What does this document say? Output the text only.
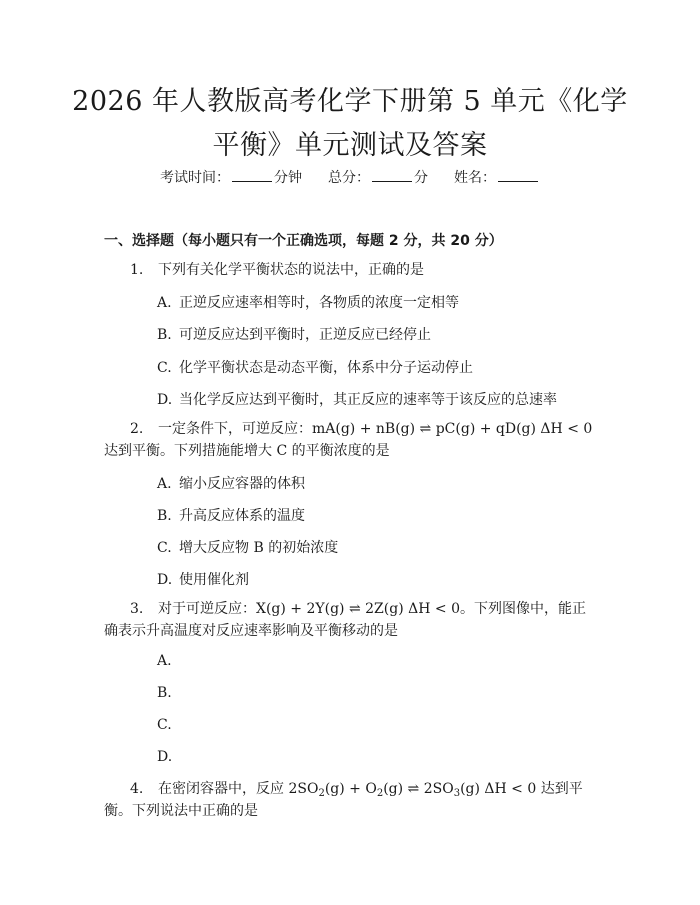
2026 年人教版高考化学下册第 5 单元《化学
平衡》单元测试及答案
考试时间：	分钟 总分：	分 姓名：
一、选择题（每小题只有一个正确选项，每题 2 分，共 20 分）
1. 下列有关化学平衡状态的说法中，正确的是
A. 正逆反应速率相等时，各物质的浓度一定相等
B. 可逆反应达到平衡时，正逆反应已经停止
C. 化学平衡状态是动态平衡，体系中分子运动停止
D. 当化学反应达到平衡时，其正反应的速率等于该反应的总速率
2. 一定条件下，可逆反应：mA(g) + nB(g) ⇌ pC(g) + qD(g) ΔH < 0 达到平衡。下列措施能增大 C 的平衡浓度的是
A. 缩小反应容器的体积
B. 升高反应体系的温度
C. 增大反应物 B 的初始浓度
D. 使用催化剂
3. 对于可逆反应：X(g) + 2Y(g) ⇌ 2Z(g) ΔH < 0。下列图像中，能正确表示升高温度对反应速率影响及平衡移动的是
A.
B.
C.
D.
4. 在密闭容器中，反应 $2SO_2(g) + O_2(g)$ ⇌ $2SO_3(g) \Delta H < 0$ 达到平衡。下列说法中正确的是
